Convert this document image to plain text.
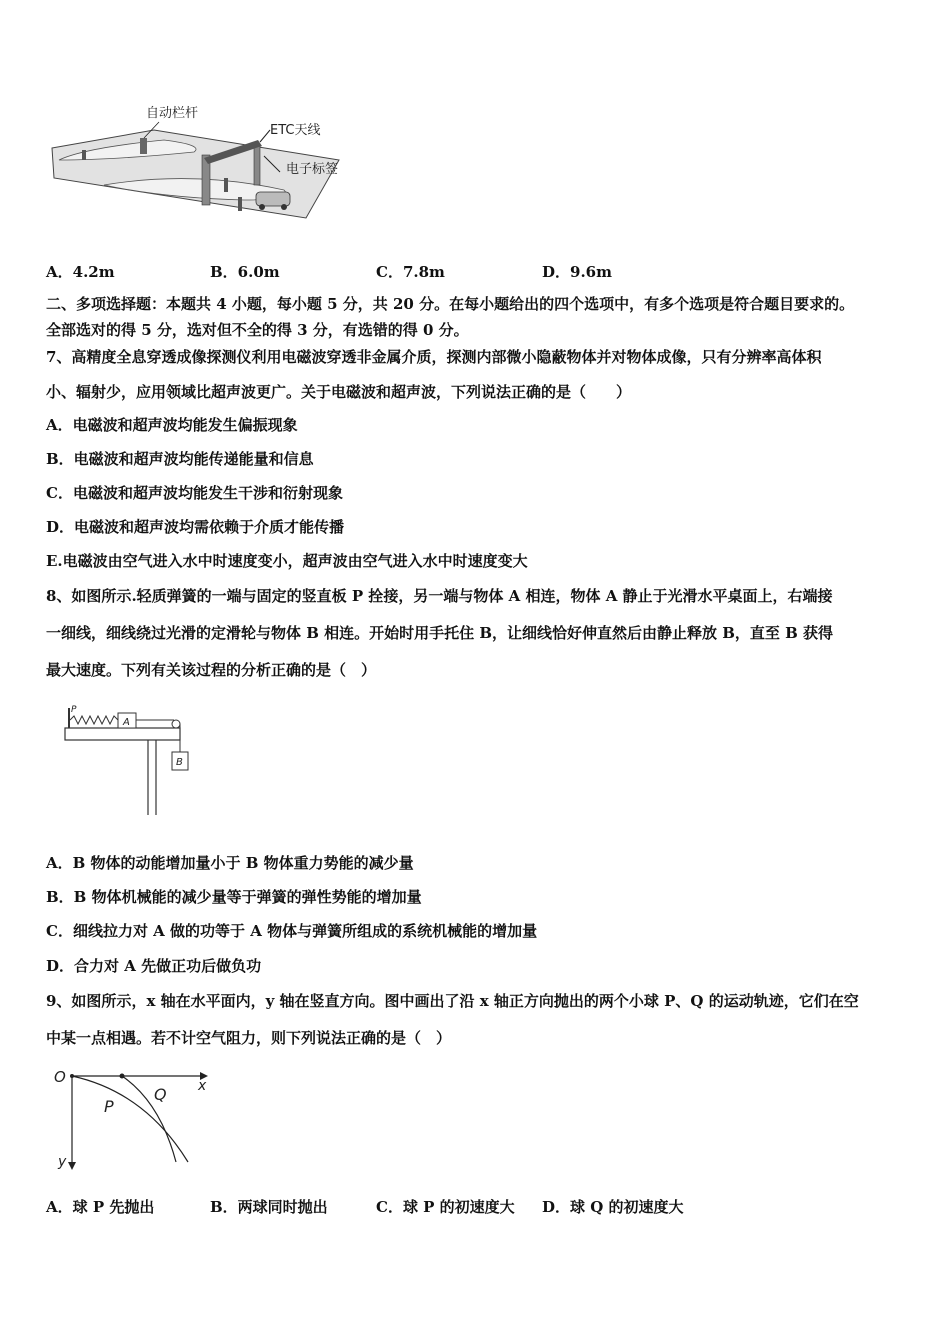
自动栏杆
ETC天线
电子标签
A．4.2m	B．6.0m	C．7.8m	D．9.6m
二、多项选择题：本题共 4 小题，每小题 5 分，共 20 分。在每小题给出的四个选项中，有多个选项是符合题目要求的。
全部选对的得 5 分，选对但不全的得 3 分，有选错的得 0 分。
7、高精度全息穿透成像探测仪利用电磁波穿透非金属介质，探测内部微小隐蔽物体并对物体成像，只有分辨率高体积
小、辐射少，应用领域比超声波更广。关于电磁波和超声波，下列说法正确的是（　　）
A．电磁波和超声波均能发生偏振现象
B．电磁波和超声波均能传递能量和信息
C．电磁波和超声波均能发生干涉和衍射现象
D．电磁波和超声波均需依赖于介质才能传播
E.电磁波由空气进入水中时速度变小，超声波由空气进入水中时速度变大
8、如图所示.轻质弹簧的一端与固定的竖直板 P 拴接，另一端与物体 A 相连，物体 A 静止于光滑水平桌面上，右端接
一细线，细线绕过光滑的定滑轮与物体 B 相连。开始时用手托住 B，让细线恰好伸直然后由静止释放 B，直至 B 获得
最大速度。下列有关该过程的分析正确的是（　）
P
A
B
A．B 物体的动能增加量小于 B 物体重力势能的减少量
B．B 物体机械能的减少量等于弹簧的弹性势能的增加量
C．细线拉力对 A 做的功等于 A 物体与弹簧所组成的系统机械能的增加量
D．合力对 A 先做正功后做负功
9、如图所示，x 轴在水平面内，y 轴在竖直方向。图中画出了沿 x 轴正方向抛出的两个小球 P、Q 的运动轨迹，它们在空
中某一点相遇。若不计空气阻力，则下列说法正确的是（　）
O	x
y
P
Q
A．球 P 先抛出	B．两球同时抛出	C．球 P 的初速度大 D．球 Q 的初速度大
